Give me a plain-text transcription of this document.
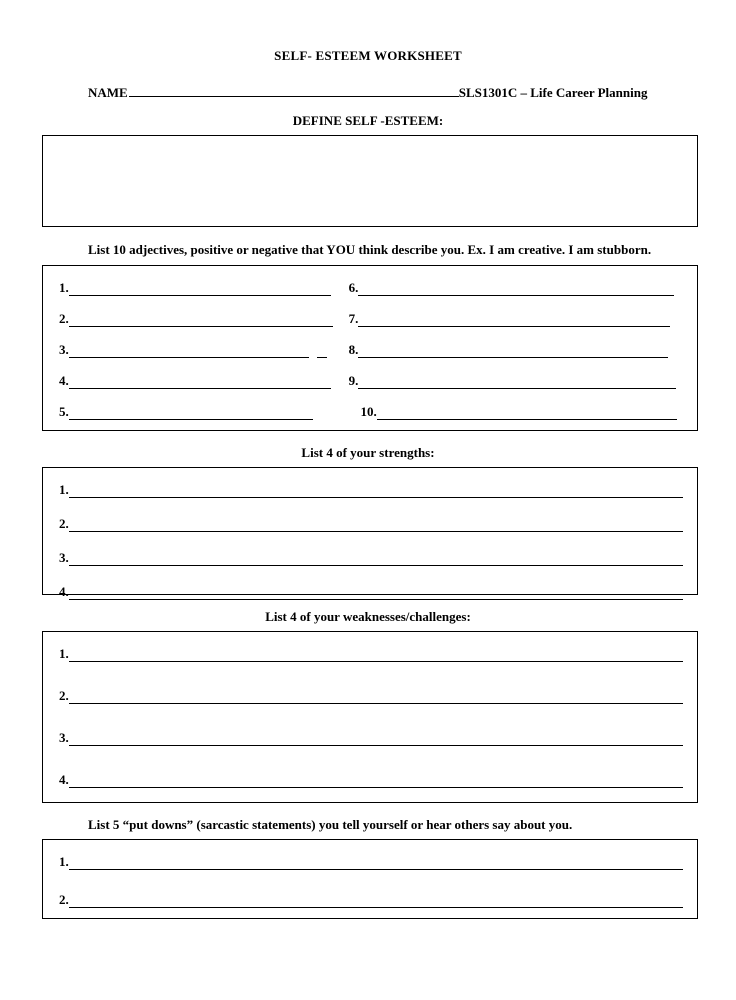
SELF- ESTEEM WORKSHEET
NAME	SLS1301C – Life Career Planning
DEFINE SELF -ESTEEM:
List 10 adjectives, positive or negative that YOU think describe you. Ex. I am creative. I am stubborn.
1.	6.
2.	7.
3.	8.
4.	9.
5.	10.
List 4 of your strengths:
1.
2.
3.
4.
List 4 of your weaknesses/challenges:
1.
2.
3.
4.
List 5 “put downs” (sarcastic statements) you tell yourself or hear others say about you.
1.
2.
